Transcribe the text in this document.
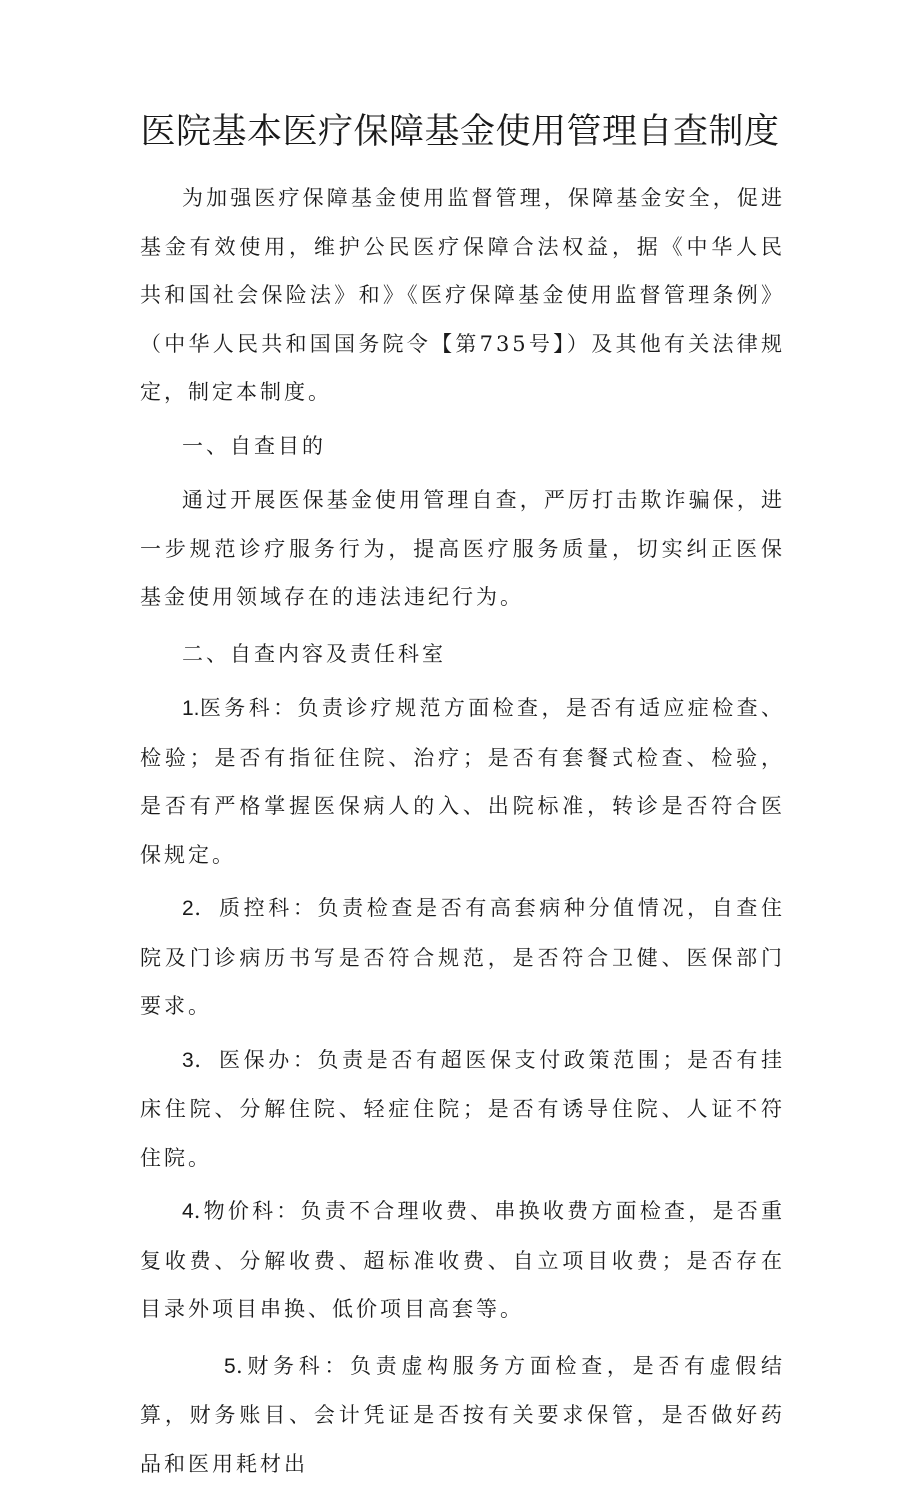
医院基本医疗保障基金使用管理自查制度

为加强医疗保障基金使用监督管理，保障基金安全，促进基金有效使用，维护公民医疗保障合法权益，据《中华人民共和国社会保险法》和》《医疗保障基金使用监督管理条例》（中华人民共和国国务院令【第735号】）及其他有关法律规定，制定本制度。

一、自查目的

通过开展医保基金使用管理自查，严厉打击欺诈骗保，进一步规范诊疗服务行为，提高医疗服务质量，切实纠正医保基金使用领域存在的违法违纪行为。

二、自查内容及责任科室

1.医务科：负责诊疗规范方面检查，是否有适应症检查、检验；是否有指征住院、治疗；是否有套餐式检查、检验，是否有严格掌握医保病人的入、出院标准，转诊是否符合医保规定。

2．质控科：负责检查是否有高套病种分值情况，自查住院及门诊病历书写是否符合规范，是否符合卫健、医保部门要求。

3．医保办：负责是否有超医保支付政策范围；是否有挂床住院、分解住院、轻症住院；是否有诱导住院、人证不符住院。

4.物价科：负责不合理收费、串换收费方面检查，是否重复收费、分解收费、超标准收费、自立项目收费；是否存在目录外项目串换、低价项目高套等。

5.财务科：负责虚构服务方面检查，是否有虚假结算，财务账目、会计凭证是否按有关要求保管，是否做好药品和医用耗材出
